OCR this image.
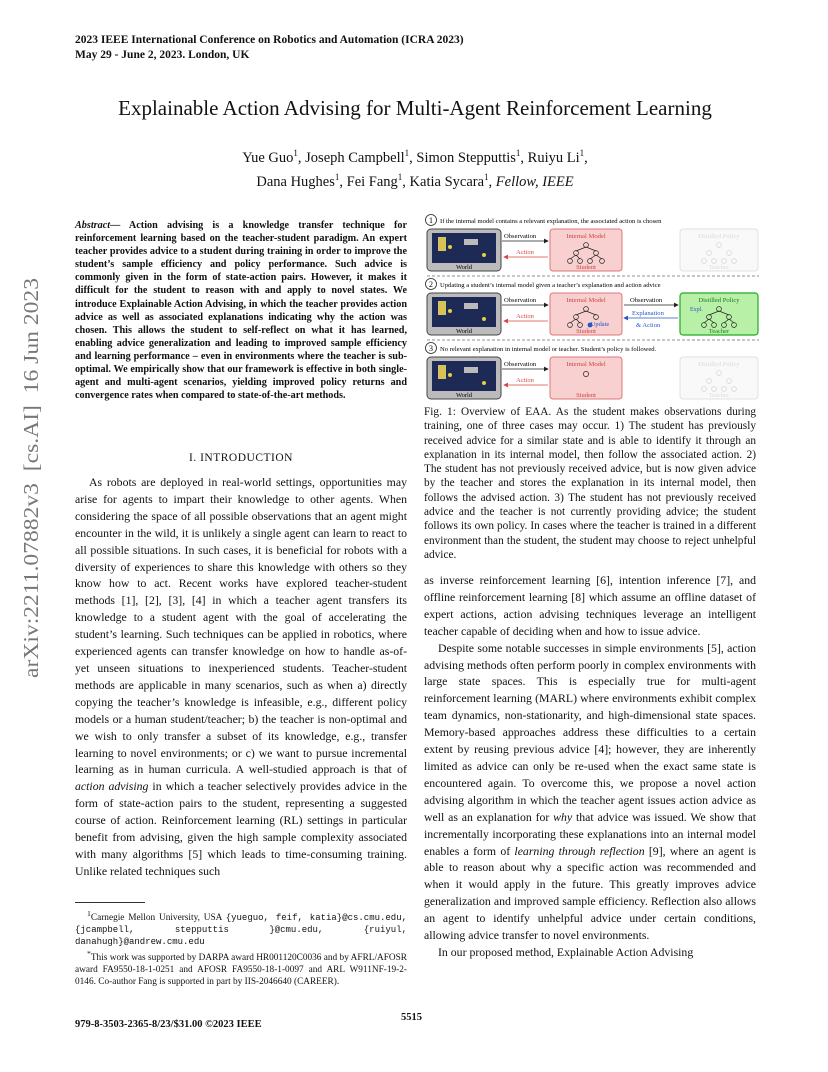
2023 IEEE International Conference on Robotics and Automation (ICRA 2023)
May 29 - June 2, 2023. London, UK
arXiv:2211.07882v3  [cs.AI]  16 Jun 2023
Explainable Action Advising for Multi-Agent Reinforcement Learning
Yue Guo$^1$, Joseph Campbell$^1$, Simon Stepputtis$^1$, Ruiyu Li$^1$,
Dana Hughes$^1$, Fei Fang$^1$, Katia Sycara$^1$, Fellow, IEEE
Abstract— Action advising is a knowledge transfer technique for reinforcement learning based on the teacher-student paradigm. An expert teacher provides advice to a student during training in order to improve the student’s sample efficiency and policy performance. Such advice is commonly given in the form of state-action pairs. However, it makes it difficult for the student to reason with and apply to novel states. We introduce Explainable Action Advising, in which the teacher provides action advice as well as associated explanations indicating why the action was chosen. This allows the student to self-reflect on what it has learned, enabling advice generalization and leading to improved sample efficiency and learning performance – even in environments where the teacher is sub-optimal. We empirically show that our framework is effective in both single-agent and multi-agent scenarios, yielding improved policy returns and convergence rates when compared to state-of-the-art methods.
I. INTRODUCTION

As robots are deployed in real-world settings, opportunities may arise for agents to impart their knowledge to other agents. When considering the space of all possible observations that an agent might encounter in the wild, it is unlikely a single agent can learn to react to all possible situations. In such cases, it is beneficial for robots with a diversity of experiences to share this knowledge with others so they know how to act. Recent works have explored teacher-student methods [1], [2], [3], [4] in which a teacher agent transfers its knowledge to a student agent with the goal of accelerating the student’s learning. Such techniques can be applied in robotics, where experienced agents can transfer knowledge on how to handle as-of-yet unseen situations to inexperienced students. Teacher-student methods are applicable in many scenarios, such as when a) directly copying the teacher’s knowledge is infeasible, e.g., different policy models or a human student/teacher; b) the teacher is non-optimal and we wish to only transfer a subset of its knowledge, e.g., transfer learning to novel environments; or c) we want to pursue incremental learning as in human curricula. A well-studied approach is that of action advising in which a teacher selectively provides advice in the form of state-action pairs to the student, representing a suggested course of action. Reinforcement learning (RL) settings in particular benefit from advising, given the high sample complexity associated with many algorithms [5] which leads to time-consuming training. Unlike related techniques such

$^1$Carnegie Mellon University, USA {yueguo, feif, katia}@cs.cmu.edu, {jcampbell, stepputtis }@cmu.edu, {ruiyul, danahugh}@andrew.cmu.edu

*This work was supported by DARPA award HR001120C0036 and by AFRL/AFOSR award FA9550-18-1-0251 and AFOSR FA9550-18-1-0097 and ARL W911NF-19-2-0146. Co-author Fang is supported in part by IIS-2046640 (CAREER).

1 If the internal model contains a relevant explanation, the associated action is chosen
World
Observation
Action
Internal Model
Student
Distilled Policy
Teacher
2 Updating a student’s internal model given a teacher’s explanation and action advice
World
Observation
Action
Internal Model
Update
Student
Observation
Explanation
& Action
Distilled Policy
Expl.
Teacher
3 No relevant explanation in internal model or teacher. Student’s policy is followed.
World
Observation
Action
Internal Model
Student
Distilled Policy
Teacher
Fig. 1: Overview of EAA. As the student makes observations during training, one of three cases may occur. 1) The student has previously received advice for a similar state and is able to identify it through an explanation in its internal model, then follow the associated action. 2) The student has not previously received advice, but is now given advice by the teacher and stores the explanation in its internal model, then follows the advised action. 3) The student has not previously received advice and the teacher is not currently providing advice; the student follows its own policy. In cases where the teacher is trained in a different environment than the student, the student may choose to reject unhelpful advice.

as inverse reinforcement learning [6], intention inference [7], and offline reinforcement learning [8] which assume an offline dataset of expert actions, action advising techniques leverage an intelligent teacher capable of deciding when and how to issue advice.

Despite some notable successes in simple environments [5], action advising methods often perform poorly in complex environments with large state spaces. This is especially true for multi-agent reinforcement learning (MARL) where environments exhibit complex team dynamics, non-stationarity, and high-dimensional state spaces. Memory-based approaches address these difficulties to a certain extent by reusing previous advice [4]; however, they are inherently limited as advice can only be re-used when the exact same state is encountered again. To overcome this, we propose a novel action advising algorithm in which the teacher agent issues action advice as well as an explanation for why that advice was issued. We show that incrementally incorporating these explanations into an internal model enables a form of learning through reflection [9], where an agent is able to reason about why a specific action was recommended and when it would apply in the future. This greatly improves advice generalization and improved sample efficiency. Reflection also allows an agent to identify unhelpful advice under certain conditions, allowing advice transfer to novel environments.

In our proposed method, Explainable Action Advising

979-8-3503-2365-8/23/$31.00 ©2023 IEEE
5515
